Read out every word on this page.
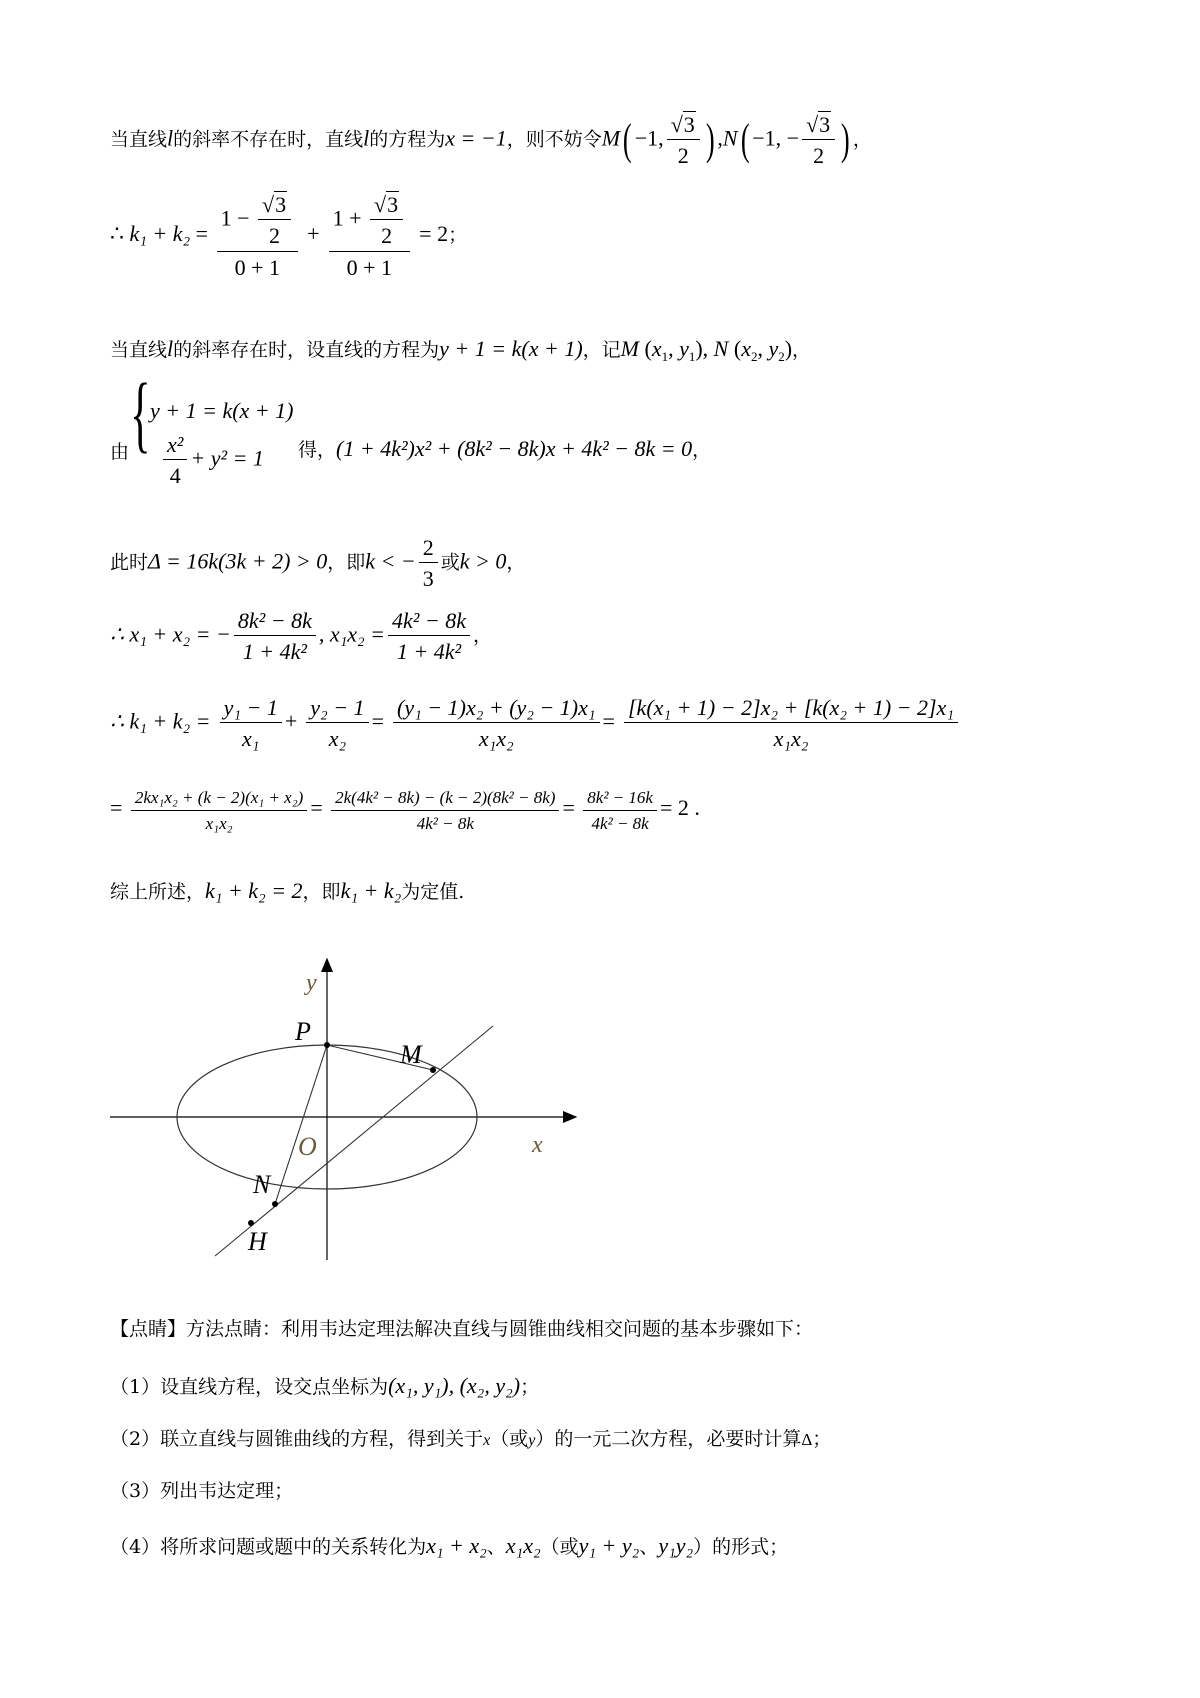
当直线l的斜率不存在时，直线l的方程为x = −1，则不妨令M( −1, $\frac{√3}{2}$ ) ,N( −1, − $\frac{√3}{2}$ ) ，
∴ $k_1 + k_2 = \frac{1 - \frac{√3}{2}}{0 + 1} + \frac{1 + \frac{√3}{2}}{0 + 1} = 2$；
当直线l的斜率存在时，设直线的方程为y + 1 = k(x + 1)，记M ($x_1$, $y_1$), N ($x_2$, $y_2$)，
由 { y + 1 = k(x + 1)
$\frac{\text{x²}}{4} + y^2 = 1$ 得，(1 + 4k²)x² + (8k² − 8k)x + 4k² − 8k = 0，
此时Δ = 16k(3k + 2) > 0，即k < − $\frac{2}{3}$ 或k > 0，
∴ x₁ + x₂ = − $\frac{\text{8k² − 8k}}{\text{1 + 4k²}}$ , $x_1x_2 = \frac{\text{4k² − 8k}}{\text{1 + 4k²}}$ ，
∴ $k_1 + k_2 = \frac{\text{y₁ − 1}}{\text{x₁}} + \frac{\text{y₂ − 1}}{\text{x₂}} = \frac{\text{(y₁ − 1)x₂ + (y₂ − 1)x₁}}{\text{x₁x₂}} = \frac{\text{[k(x₁ + 1) − 2]x₂ + [k(x₂ + 1) − 2]x₁}}{\text{x₁x₂}}$
= $\frac{\text{2kx₁x₂ + (k − 2)(x₁ + x₂)}}{\text{x₁x₂}} = \frac{\text{2k(4k² − 8k) − (k − 2)(8k² − 8k)}}{\text{4k² − 8k}} = \frac{\text{8k² − 16k}}{\text{4k² − 8k}} = 2$ .
综上所述，k₁ + k₂ = 2，即k₁ + k₂为定值.
y
x
P
M
O
N
H
【点睛】方法点睛：利用韦达定理法解决直线与圆锥曲线相交问题的基本步骤如下：
（1）设直线方程，设交点坐标为(x₁, y₁), (x₂, y₂)；
（2）联立直线与圆锥曲线的方程，得到关于x（或y）的一元二次方程，必要时计算Δ；
（3）列出韦达定理；
（4）将所求问题或题中的关系转化为x₁ + x₂、x₁x₂（或y₁ + y₂、y₁y₂）的形式；
